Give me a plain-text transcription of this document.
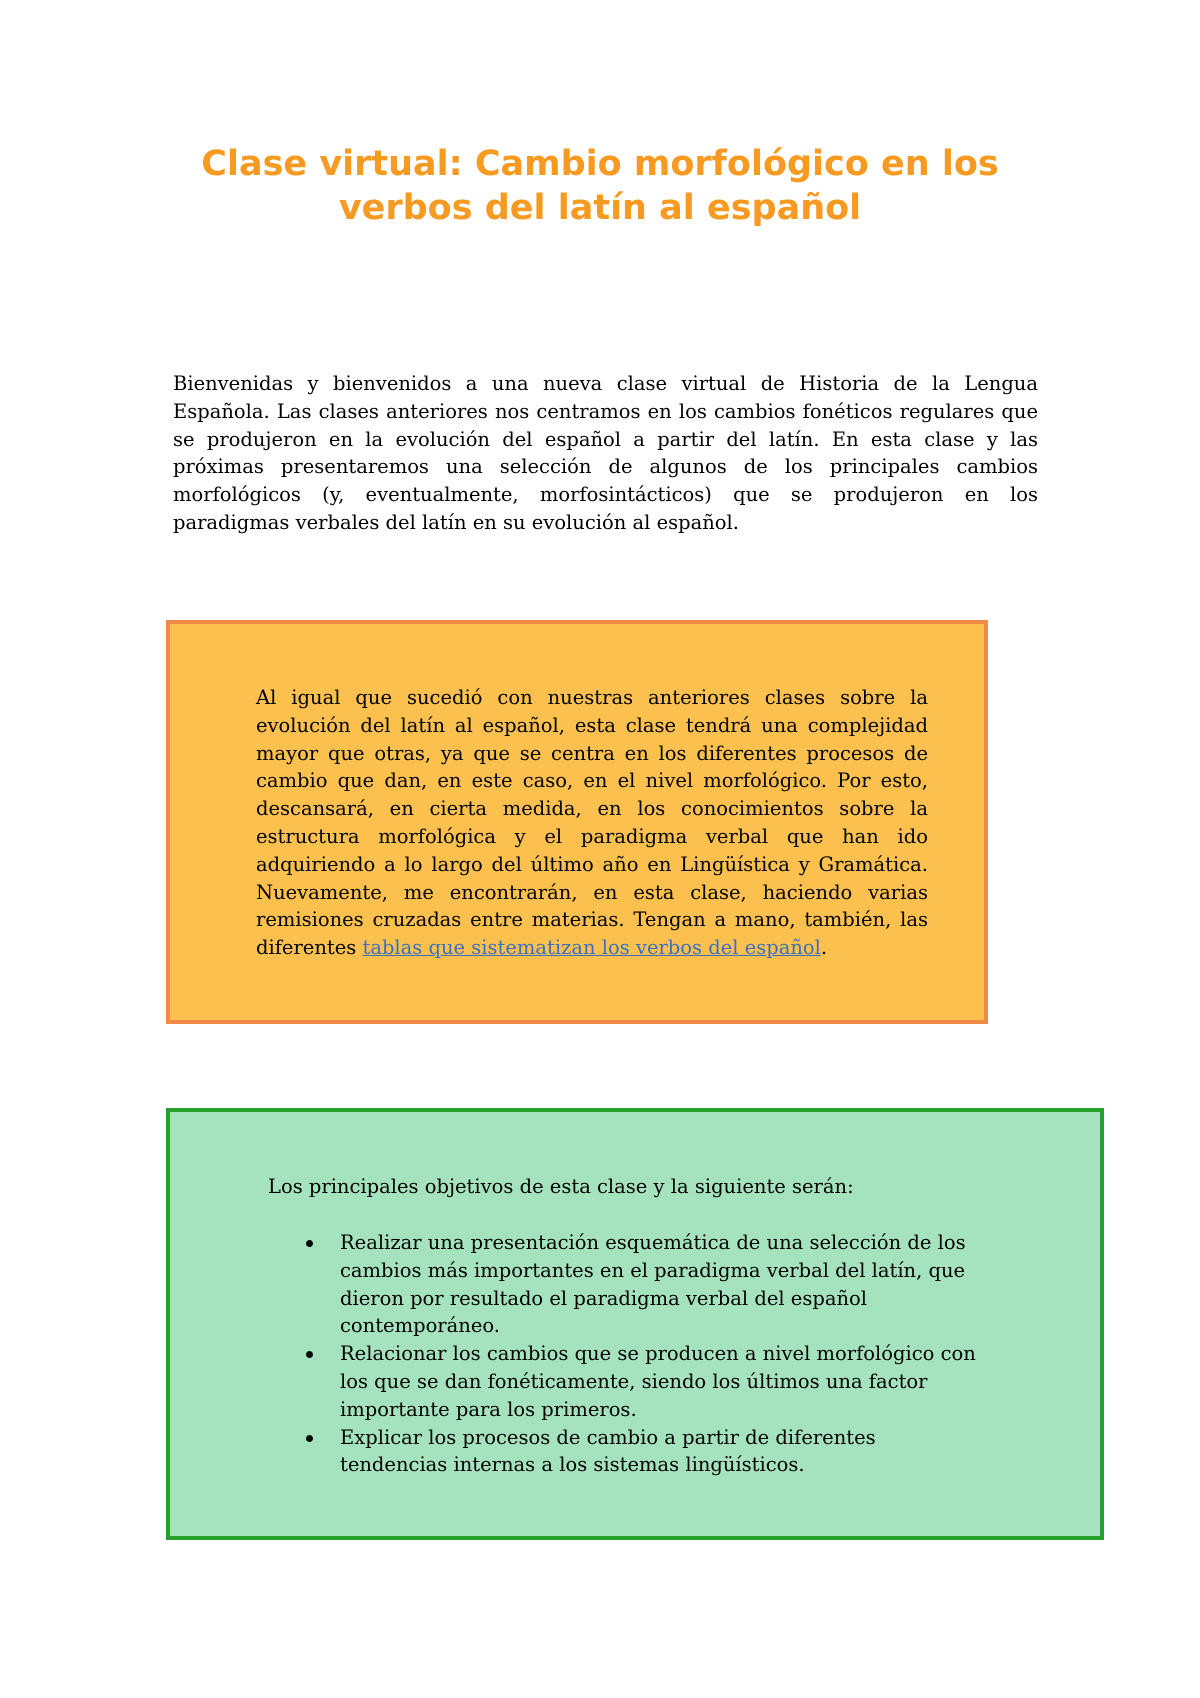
Clase virtual: Cambio morfológico en los
verbos del latín al español

Bienvenidas y bienvenidos a una nueva clase virtual de Historia de la Lengua Española. Las clases anteriores nos centramos en los cambios fonéticos regulares que se produjeron en la evolución del español a partir del latín. En esta clase y las próximas presentaremos una selección de algunos de los principales cambios morfológicos (y, eventualmente, morfosintácticos) que se produjeron en los paradigmas verbales del latín en su evolución al español.

Al igual que sucedió con nuestras anteriores clases sobre la evolución del latín al español, esta clase tendrá una complejidad mayor que otras, ya que se centra en los diferentes procesos de cambio que dan, en este caso, en el nivel morfológico. Por esto, descansará, en cierta medida, en los conocimientos sobre la estructura morfológica y el paradigma verbal que han ido adquiriendo a lo largo del último año en Lingüística y Gramática. Nuevamente, me encontrarán, en esta clase, haciendo varias remisiones cruzadas entre materias. Tengan a mano, también, las diferentes tablas que sistematizan los verbos del español.

Los principales objetivos de esta clase y la siguiente serán:

Realizar una presentación esquemática de una selección de los cambios más importantes en el paradigma verbal del latín, que dieron por resultado el paradigma verbal del español contemporáneo.
Relacionar los cambios que se producen a nivel morfológico con los que se dan fonéticamente, siendo los últimos una factor importante para los primeros.
Explicar los procesos de cambio a partir de diferentes tendencias internas a los sistemas lingüísticos.
